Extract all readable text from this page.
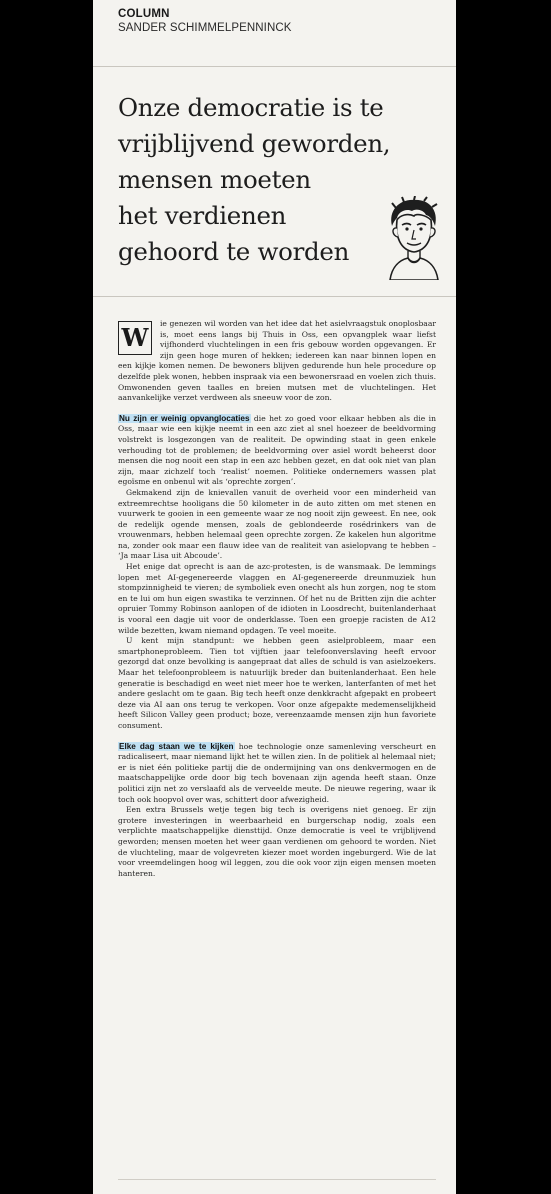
COLUMN
SANDER SCHIMMELPENNINCK
Onze democratie is te
vrijblijvend geworden,
mensen moeten
het verdienen
gehoord te worden

W	ie genezen wil worden van het idee dat het asielvraagstuk onoplosbaar is, moet eens langs bij Thuis in Oss, een opvangplek waar liefst vijfhonderd vluchtelingen in een fris gebouw worden opgevangen. Er zijn geen hoge muren of hekken; iedereen kan naar binnen lopen en een kijkje komen nemen. De bewoners blijven gedurende hun hele procedure op dezelfde plek wonen, hebben inspraak via een bewonersraad en voelen zich thuis. Omwonenden geven taalles en breien mutsen met de vluchtelingen. Het aanvankelijke verzet verdween als sneeuw voor de zon.

Nu zijn er weinig opvanglocaties die het zo goed voor elkaar hebben als die in Oss, maar wie een kijkje neemt in een azc ziet al snel hoezeer de beeldvorming volstrekt is losgezongen van de realiteit. De opwinding staat in geen enkele verhouding tot de problemen; de beeldvorming over asiel wordt beheerst door mensen die nog nooit een stap in een azc hebben gezet, en dat ook niet van plan zijn, maar zichzelf toch ‘realist’ noemen. Politieke ondernemers wassen plat egoïsme en onbenul wit als ‘oprechte zorgen’.

Gekmakend zijn de knievallen vanuit de overheid voor een minderheid van extreemrechtse hooligans die 50 kilometer in de auto zitten om met stenen en vuurwerk te gooien in een gemeente waar ze nog nooit zijn geweest. En nee, ook de redelijk ogende mensen, zoals de geblondeerde rosédrinkers van de vrouwenmars, hebben helemaal geen oprechte zorgen. Ze kakelen hun algoritme na, zonder ook maar een flauw idee van de realiteit van asielopvang te hebben – ‘Ja maar Lisa uit Abcoude’.

Het enige dat oprecht is aan de azc-protesten, is de wansmaak. De lemmings lopen met AI-gegenereerde vlaggen en AI-gegenereerde dreunmuziek hun stompzinnigheid te vieren; de symboliek even onecht als hun zorgen, nog te stom en te lui om hun eigen swastika te verzinnen. Of het nu de Britten zijn die achter opruier Tommy Robinson aanlopen of de idioten in Loosdrecht, buitenlanderhaat is vooral een dagje uit voor de onderklasse. Toen een groepje racisten de A12 wilde bezetten, kwam niemand opdagen. Te veel moeite.

U kent mijn standpunt: we hebben geen asielprobleem, maar een smartphoneprobleem. Tien tot vijftien jaar telefoonverslaving heeft ervoor gezorgd dat onze bevolking is aangepraat dat alles de schuld is van asielzoekers. Maar het telefoonprobleem is natuurlijk breder dan buitenlanderhaat. Een hele generatie is beschadigd en weet niet meer hoe te werken, lanterfanten of met het andere geslacht om te gaan. Big tech heeft onze denkkracht afgepakt en probeert deze via AI aan ons terug te verkopen. Voor onze afgepakte medemenselijkheid heeft Silicon Valley geen product; boze, vereenzaamde mensen zijn hun favoriete consument.

Elke dag staan we te kijken hoe technologie onze samenleving verscheurt en radicaliseert, maar niemand lijkt het te willen zien. In de politiek al helemaal niet; er is niet één politieke partij die de ondermijning van ons denkvermogen en de maatschappelijke orde door big tech bovenaan zijn agenda heeft staan. Onze politici zijn net zo verslaafd als de verveelde meute. De nieuwe regering, waar ik toch ook hoopvol over was, schittert door afwezigheid.

Een extra Brussels wetje tegen big tech is overigens niet genoeg. Er zijn grotere investeringen in weerbaarheid en burgerschap nodig, zoals een verplichte maatschappelijke diensttijd. Onze democratie is veel te vrijblijvend geworden; mensen moeten het weer gaan verdienen om gehoord te worden. Niet de vluchteling, maar de volgevreten kiezer moet worden ingeburgerd. Wie de lat voor vreemdelingen hoog wil leggen, zou die ook voor zijn eigen mensen moeten hanteren.
